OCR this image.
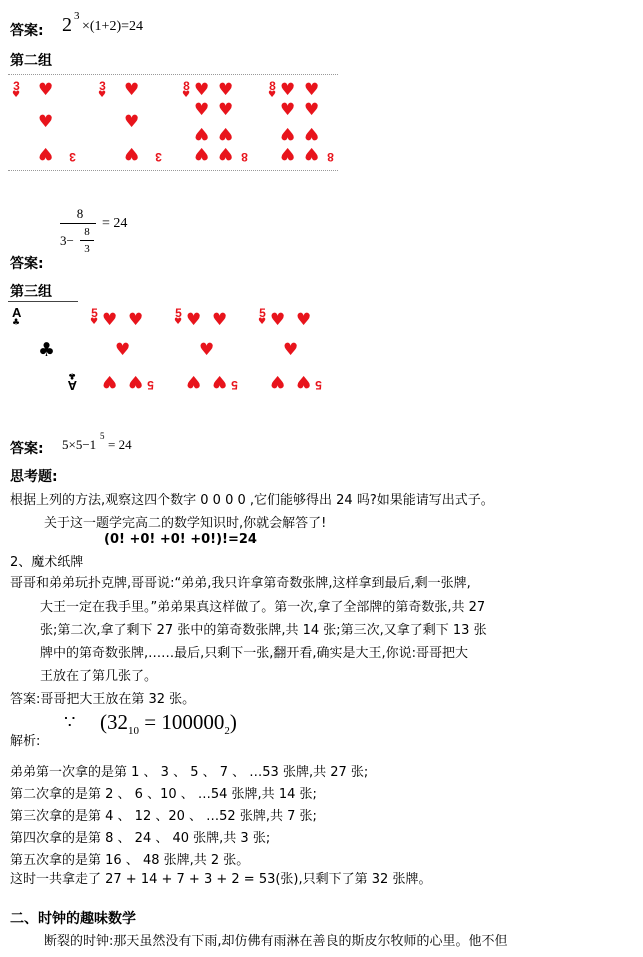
答案: 2 3
×(1+2)=24
第二组
3
♥ ♥
♥
♥ 3
3
♥ ♥
♥
♥ 3
8
♥ ♥ ♥
♥ ♥
♥ ♥
♥ ♥ 8
8
♥ ♥ ♥
♥ ♥
♥ ♥
♥ ♥ 8
8
3−
8
3
= 24
答案:
第三组
A
♣
♣
♣
A
5
♥ ♥ ♥
♥
♥ ♥ 5
5
♥ ♥ ♥
♥
♥ ♥ 5
5
♥ ♥ ♥
♥
♥ ♥ 5
答案: 5×5−1
5
= 24
思考题:
根据上列的方法,观察这四个数字 0 0 0 0 ,它们能够得出 24 吗?如果能请写出式子。
关于这一题学完高二的数学知识时,你就会解答了!
(0! +0! +0! +0!)!=24
2、魔术纸牌
哥哥和弟弟玩扑克牌,哥哥说:“弟弟,我只许拿第奇数张牌,这样拿到最后,剩一张牌,
大王一定在我手里。”弟弟果真这样做了。第一次,拿了全部牌的第奇数张,共 27
张;第二次,拿了剩下 27 张中的第奇数张牌,共 14 张;第三次,又拿了剩下 13 张
牌中的第奇数张牌,……最后,只剩下一张,翻开看,确实是大王,你说:哥哥把大
王放在了第几张了。
答案:哥哥把大王放在第 32 张。
解析:
∵ $(32_{10} = 100000_2)$
弟弟第一次拿的是第 1 、 3 、 5 、 7 、 …53 张牌,共 27 张;
第二次拿的是第 2 、 6 、10 、 …54 张牌,共 14 张;
第三次拿的是第 4 、 12 、20 、 …52 张牌,共 7 张;
第四次拿的是第 8 、 24 、 40 张牌,共 3 张;
第五次拿的是第 16 、 48 张牌,共 2 张。
这时一共拿走了 27 + 14 + 7 + 3 + 2 = 53(张),只剩下了第 32 张牌。
二、时钟的趣味数学
断裂的时钟:那天虽然没有下雨,却仿佛有雨淋在善良的斯皮尔牧师的心里。他不但
